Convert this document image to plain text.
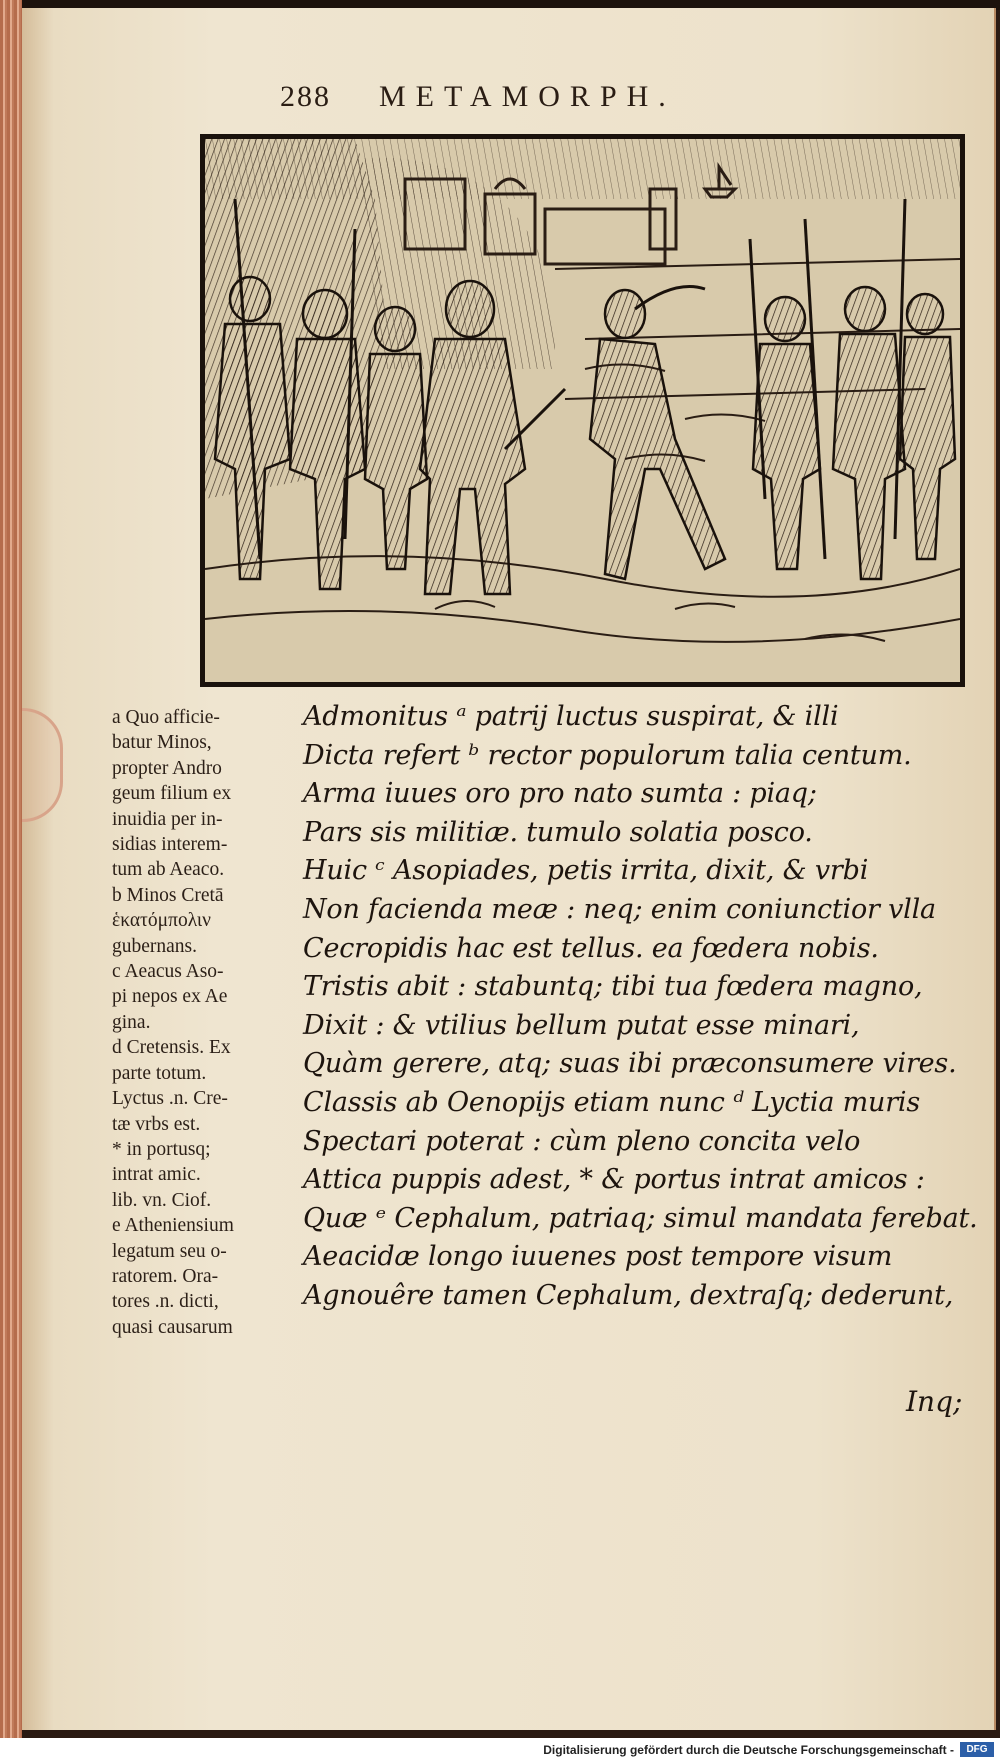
288 METAMORPH.
a Quo afficie-
batur Minos,
propter Andro
geum filium ex
inuidia per in-
sidias interem-
tum ab Aeaco.
b Minos Cretā
ἑκατόμπολιν
gubernans.
c Aeacus Aso-
pi nepos ex Ae
gina.
d Cretensis. Ex
parte totum.
Lyctus .n. Cre-
tæ vrbs est.
* in portusq;
intrat amic.
lib. vn. Ciof.
e Atheniensium
legatum seu o-
ratorem. Ora-
tores .n. dicti,
quasi causarum
Admonitus ᵃ patrij luctus suspirat, & illi
Dicta refert ᵇ rector populorum talia centum.
Arma iuues oro pro nato sumta : piaq;
Pars sis militiæ. tumulo solatia posco.
Huic ᶜ Asopiades, petis irrita, dixit, & vrbi
Non facienda meæ : neq; enim coniunctior vlla
Cecropidis hac est tellus. ea fœdera nobis.
Tristis abit : stabuntq; tibi tua fœdera magno,
Dixit : & vtilius bellum putat esse minari,
Quàm gerere, atq; suas ibi præconsumere vires.
Classis ab Oenopijs etiam nunc ᵈ Lyctia muris
Spectari poterat : cùm pleno concita velo
Attica puppis adest, * & portus intrat amicos :
Quæ ᵉ Cephalum, patriaq; simul mandata ferebat.
Aeacidæ longo iuuenes post tempore visum
Agnouêre tamen Cephalum, dextraſq; dederunt,
Inq;
Digitalisierung gefördert durch die Deutsche Forschungsgemeinschaft -	DFG
